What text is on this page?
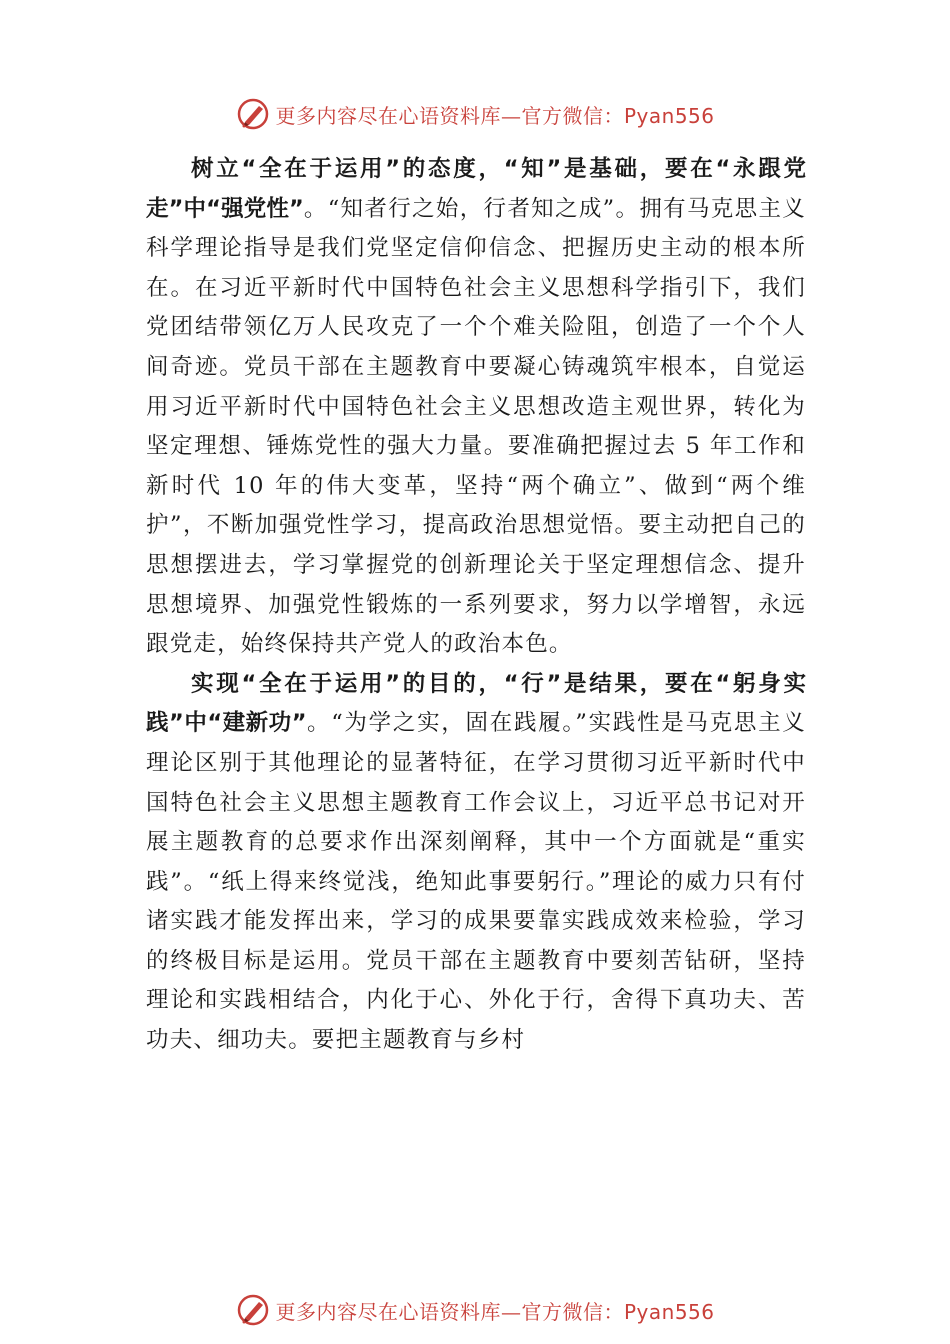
更多内容尽在心语资料库—官方微信：Pyan556

树立“全在于运用”的态度，“知”是基础，要在“永跟党走”中“强党性”。“知者行之始，行者知之成”。拥有马克思主义科学理论指导是我们党坚定信仰信念、把握历史主动的根本所在。在习近平新时代中国特色社会主义思想科学指引下，我们党团结带领亿万人民攻克了一个个难关险阻，创造了一个个人间奇迹。党员干部在主题教育中要凝心铸魂筑牢根本，自觉运用习近平新时代中国特色社会主义思想改造主观世界，转化为坚定理想、锤炼党性的强大力量。要准确把握过去 5 年工作和新时代 10 年的伟大变革，坚持“两个确立”、做到“两个维护”，不断加强党性学习，提高政治思想觉悟。要主动把自己的思想摆进去，学习掌握党的创新理论关于坚定理想信念、提升思想境界、加强党性锻炼的一系列要求，努力以学增智，永远跟党走，始终保持共产党人的政治本色。

实现“全在于运用”的目的，“行”是结果，要在“躬身实践”中“建新功”。“为学之实，固在践履。”实践性是马克思主义理论区别于其他理论的显著特征，在学习贯彻习近平新时代中国特色社会主义思想主题教育工作会议上，习近平总书记对开展主题教育的总要求作出深刻阐释，其中一个方面就是“重实践”。“纸上得来终觉浅，绝知此事要躬行。”理论的威力只有付诸实践才能发挥出来，学习的成果要靠实践成效来检验，学习的终极目标是运用。党员干部在主题教育中要刻苦钻研，坚持理论和实践相结合，内化于心、外化于行，舍得下真功夫、苦功夫、细功夫。要把主题教育与乡村

更多内容尽在心语资料库—官方微信：Pyan556
